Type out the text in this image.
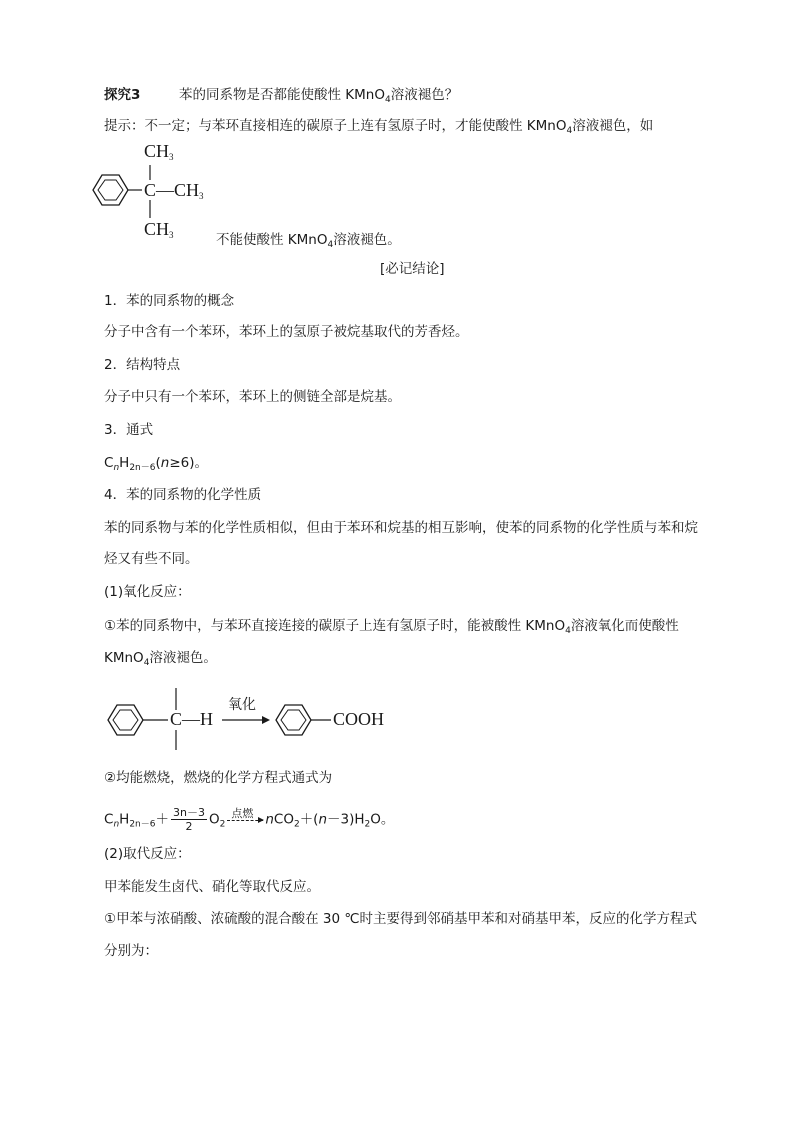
探究3	苯的同系物是否都能使酸性 KMnO$_4$溶液褪色？
提示：不一定；与苯环直接相连的碳原子上连有氢原子时，才能使酸性 KMnO$_4$溶液褪色，如
$CH_3$
$C—CH_3$
$CH_3$	不能使酸性 KMnO$_4$溶液褪色。
[必记结论]
1．苯的同系物的概念
分子中含有一个苯环，苯环上的氢原子被烷基取代的芳香烃。
2．结构特点
分子中只有一个苯环，苯环上的侧链全部是烷基。
3．通式
$C_nH_{2n-6}(n\ge 6)$。
4．苯的同系物的化学性质
苯的同系物与苯的化学性质相似，但由于苯环和烷基的相互影响，使苯的同系物的化学性质与苯和烷
烃又有些不同。
(1)氧化反应：
①苯的同系物中，与苯环直接连接的碳原子上连有氢原子时，能被酸性 KMnO$_4$溶液氧化而使酸性
KMnO$_4$溶液褪色。
C—H
氧化
COOH
②均能燃烧，燃烧的化学方程式通式为
$C_nH_{2n-6}+ \frac{3n-3}{2} O_2$
点燃 $nCO_2+(n-3)H_2O$。
(2)取代反应：
甲苯能发生卤代、硝化等取代反应。
①甲苯与浓硝酸、浓硫酸的混合酸在 30 ℃时主要得到邻硝基甲苯和对硝基甲苯，反应的化学方程式
分别为：
